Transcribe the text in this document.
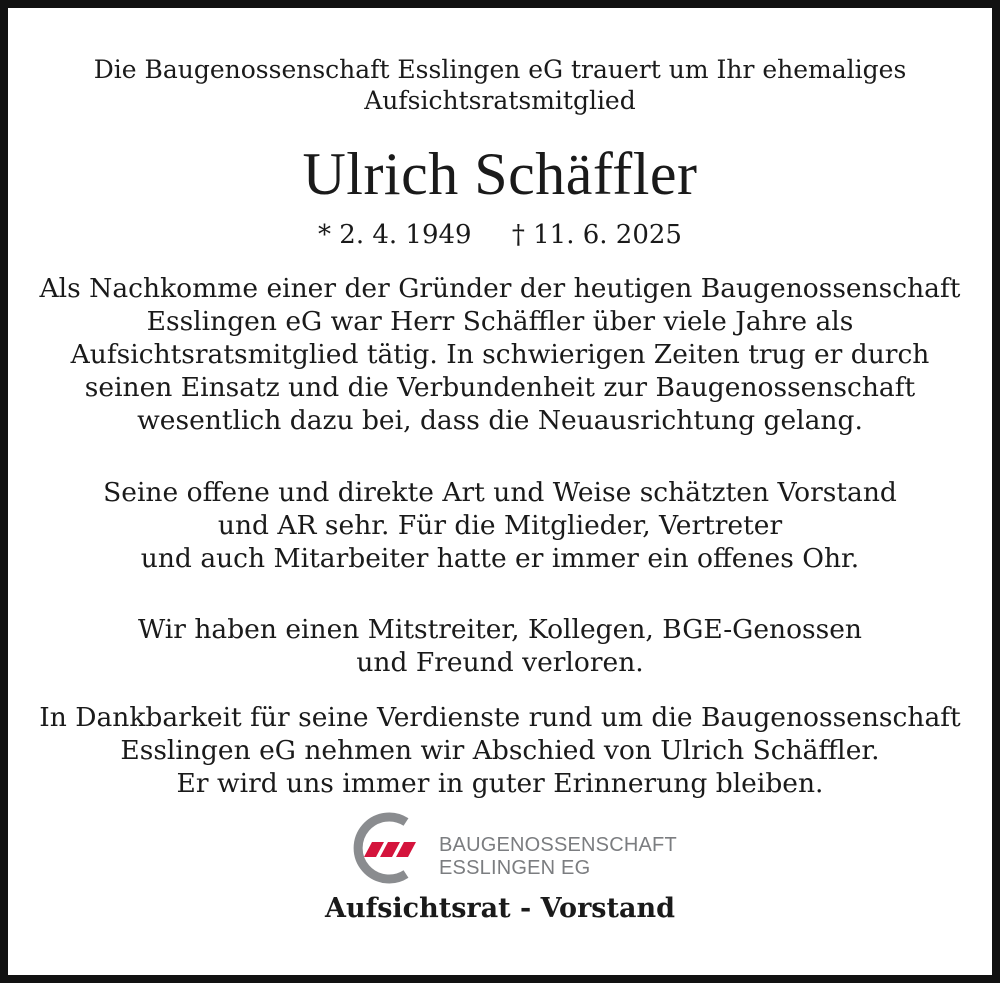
Die Baugenossenschaft Esslingen eG trauert um Ihr ehemaliges
Aufsichtsratsmitglied
Ulrich Schäffler
* 2. 4. 1949 † 11. 6. 2025
Als Nachkomme einer der Gründer der heutigen Baugenossenschaft
Esslingen eG war Herr Schäffler über viele Jahre als
Aufsichtsratsmitglied tätig. In schwierigen Zeiten trug er durch
seinen Einsatz und die Verbundenheit zur Baugenossenschaft
wesentlich dazu bei, dass die Neuausrichtung gelang.
Seine offene und direkte Art und Weise schätzten Vorstand
und AR sehr. Für die Mitglieder, Vertreter
und auch Mitarbeiter hatte er immer ein offenes Ohr.
Wir haben einen Mitstreiter, Kollegen, BGE-Genossen
und Freund verloren.
In Dankbarkeit für seine Verdienste rund um die Baugenossenschaft
Esslingen eG nehmen wir Abschied von Ulrich Schäffler.
Er wird uns immer in guter Erinnerung bleiben.
BAUGENOSSENSCHAFT
ESSLINGEN EG
Aufsichtsrat - Vorstand
